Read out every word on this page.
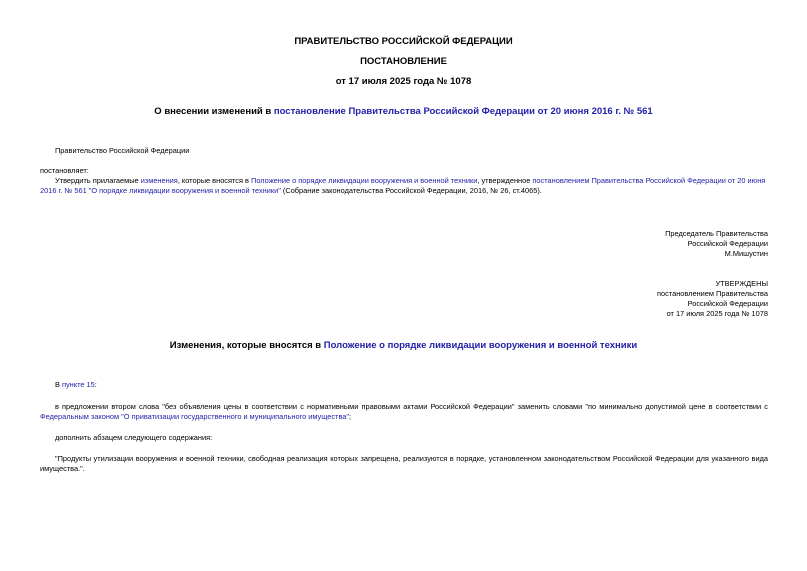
ПРАВИТЕЛЬСТВО РОССИЙСКОЙ ФЕДЕРАЦИИ
ПОСТАНОВЛЕНИЕ
от 17 июля 2025 года № 1078
О внесении изменений в постановление Правительства Российской Федерации от 20 июня 2016 г. № 561
Правительство Российской Федерации
постановляет:
Утвердить прилагаемые изменения, которые вносятся в Положение о порядке ликвидации вооружения и военной техники, утвержденное постановлением Правительства Российской Федерации от 20 июня 2016 г. № 561 "О порядке ликвидации вооружения и военной техники" (Собрание законодательства Российской Федерации, 2016, № 26, ст.4065).
Председатель Правительства
Российской Федерации
М.Мишустин
УТВЕРЖДЕНЫ
постановлением Правительства
Российской Федерации
от 17 июля 2025 года № 1078
Изменения, которые вносятся в Положение о порядке ликвидации вооружения и военной техники
В пункте 15:
в предложении втором слова "без объявления цены в соответствии с нормативными правовыми актами Российской Федерации" заменить словами "по минимально допустимой цене в соответствии с Федеральным законом "О приватизации государственного и муниципального имущества";
дополнить абзацем следующего содержания:
"Продукты утилизации вооружения и военной техники, свободная реализация которых запрещена, реализуются в порядке, установленном законодательством Российской Федерации для указанного вида имущества.".
